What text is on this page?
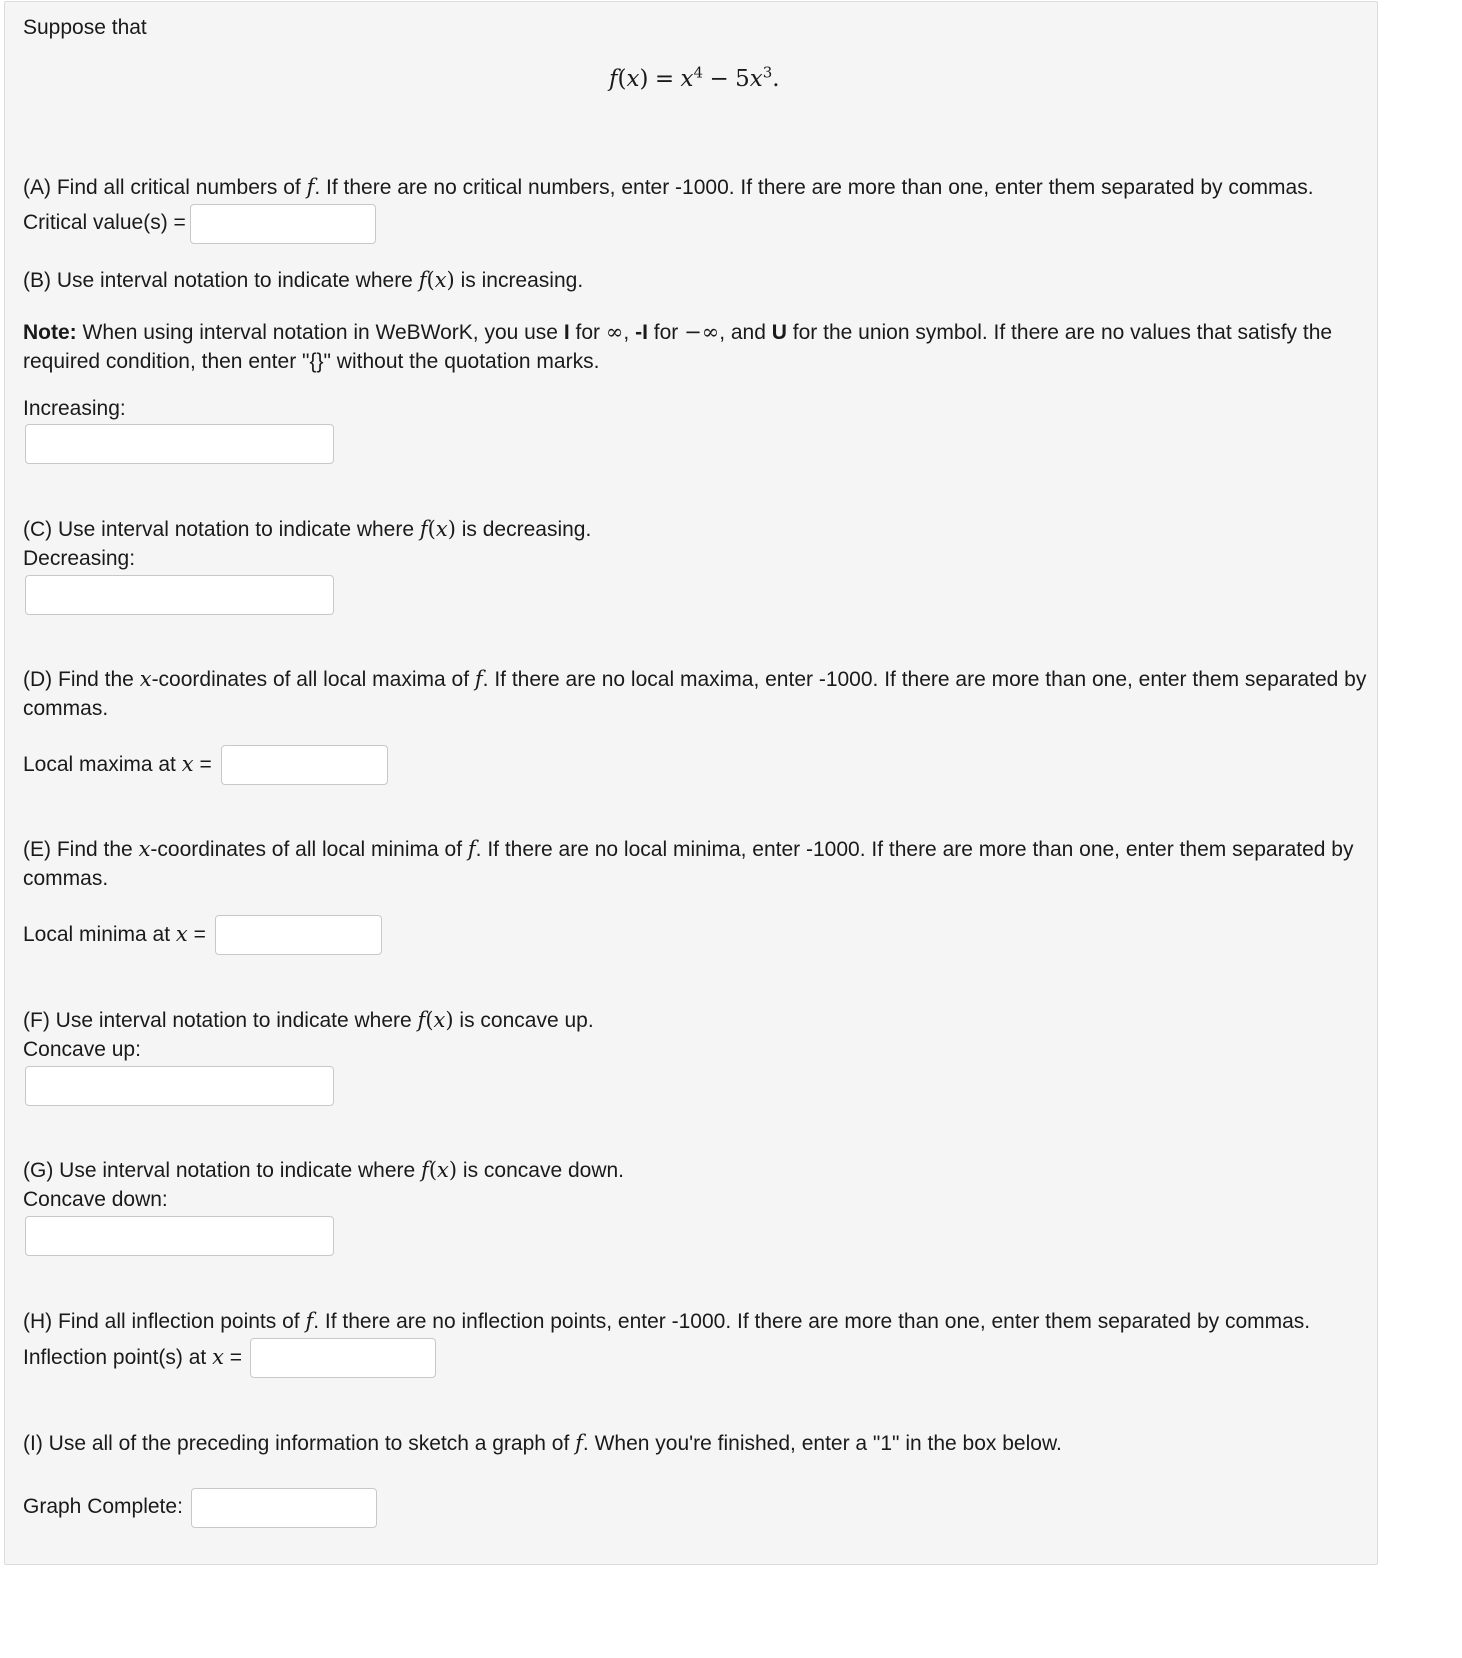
Suppose that
$f(x) = x^4 - 5x^3$.
(A) Find all critical numbers of f. If there are no critical numbers, enter -1000. If there are more than one, enter them separated by commas.
Critical value(s) =
(B) Use interval notation to indicate where f(x) is increasing.
Note: When using interval notation in WeBWorK, you use I for ∞, -I for −∞, and U for the union symbol. If there are no values that satisfy the required condition, then enter "{}" without the quotation marks.
Increasing:
(C) Use interval notation to indicate where f(x) is decreasing.
Decreasing:
(D) Find the x-coordinates of all local maxima of f. If there are no local maxima, enter -1000. If there are more than one, enter them separated by commas.
Local maxima at x =
(E) Find the x-coordinates of all local minima of f. If there are no local minima, enter -1000. If there are more than one, enter them separated by commas.
Local minima at x =
(F) Use interval notation to indicate where f(x) is concave up.
Concave up:
(G) Use interval notation to indicate where f(x) is concave down.
Concave down:
(H) Find all inflection points of f. If there are no inflection points, enter -1000. If there are more than one, enter them separated by commas.
Inflection point(s) at x =
(I) Use all of the preceding information to sketch a graph of f. When you're finished, enter a "1" in the box below.
Graph Complete:
